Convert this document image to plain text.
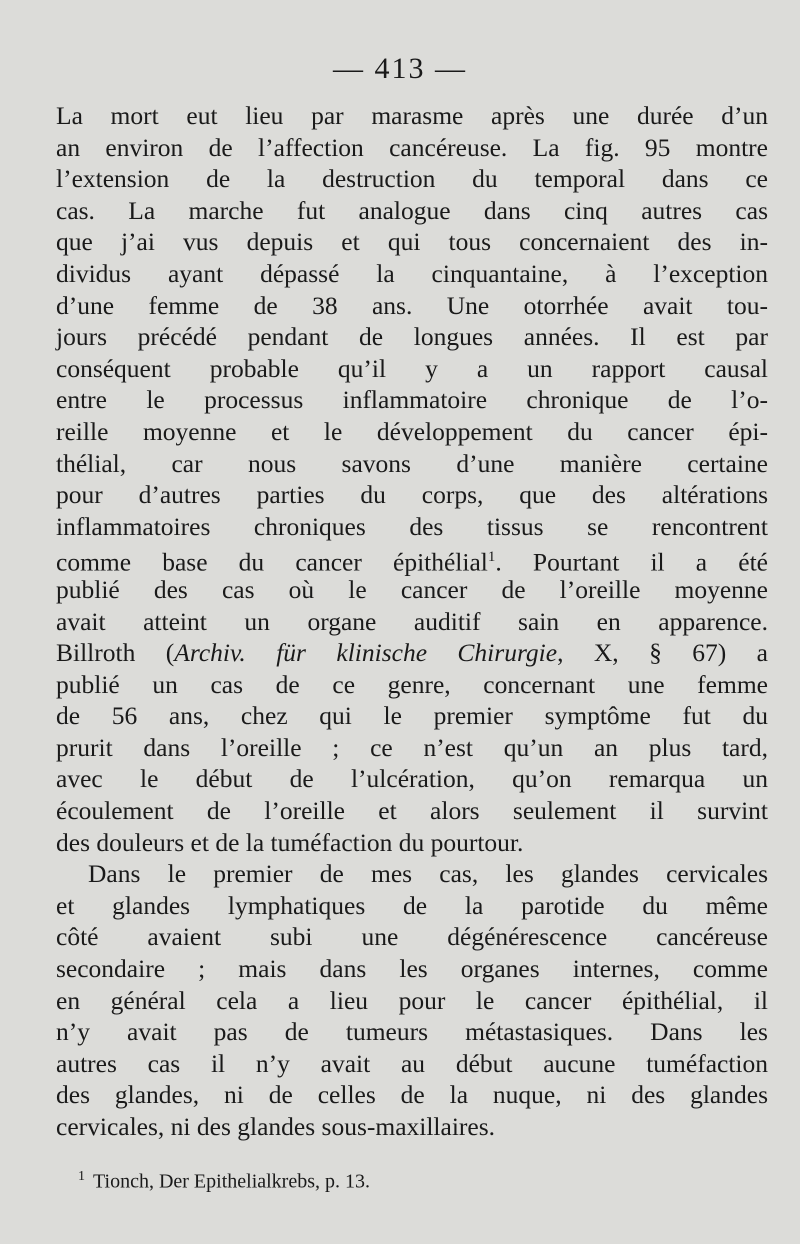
— 413 —
La mort eut lieu par marasme après une durée d’un
an environ de l’affection cancéreuse. La fig. 95 montre
l’extension de la destruction du temporal dans ce
cas. La marche fut analogue dans cinq autres cas
que j’ai vus depuis et qui tous concernaient des in-
dividus ayant dépassé la cinquantaine, à l’exception
d’une femme de 38 ans. Une otorrhée avait tou-
jours précédé pendant de longues années. Il est par
conséquent probable qu’il y a un rapport causal
entre le processus inflammatoire chronique de l’o-
reille moyenne et le développement du cancer épi-
thélial, car nous savons d’une manière certaine
pour d’autres parties du corps, que des altérations
inflammatoires chroniques des tissus se rencontrent
comme base du cancer épithélial$^1$. Pourtant il a été
publié des cas où le cancer de l’oreille moyenne
avait atteint un organe auditif sain en apparence.
Billroth (Archiv. für klinische Chirurgie, X, § 67) a
publié un cas de ce genre, concernant une femme
de 56 ans, chez qui le premier symptôme fut du
prurit dans l’oreille ; ce n’est qu’un an plus tard,
avec le début de l’ulcération, qu’on remarqua un
écoulement de l’oreille et alors seulement il survint
des douleurs et de la tuméfaction du pourtour.
Dans le premier de mes cas, les glandes cervicales
et glandes lymphatiques de la parotide du même
côté avaient subi une dégénérescence cancéreuse
secondaire ; mais dans les organes internes, comme
en général cela a lieu pour le cancer épithélial, il
n’y avait pas de tumeurs métastasiques. Dans les
autres cas il n’y avait au début aucune tuméfaction
des glandes, ni de celles de la nuque, ni des glandes
cervicales, ni des glandes sous-maxillaires.
$^1$ Tionch, Der Epithelialkrebs, p. 13.
